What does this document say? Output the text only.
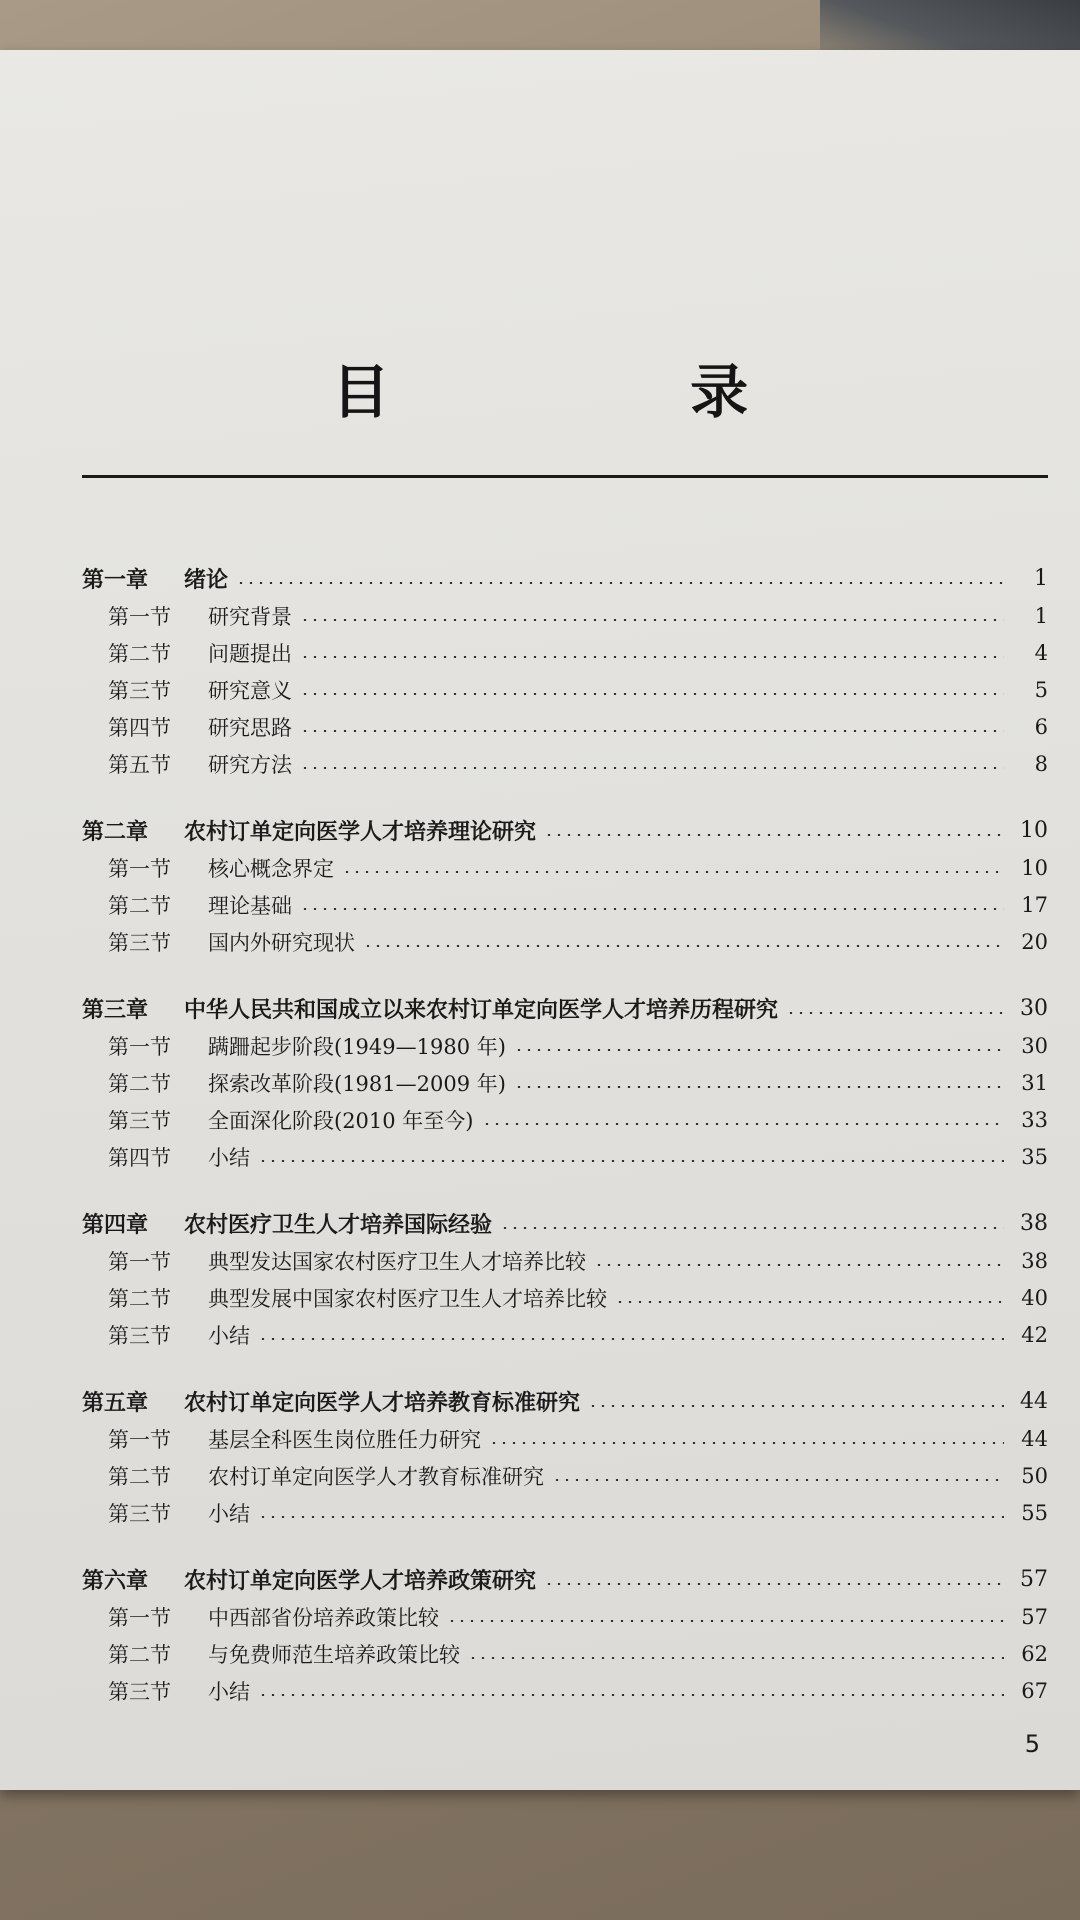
目 录
第一章	绪论	1
第一节	研究背景	1
第二节	问题提出	4
第三节	研究意义	5
第四节	研究思路	6
第五节	研究方法	8
第二章	农村订单定向医学人才培养理论研究	10
第一节	核心概念界定	10
第二节	理论基础	17
第三节	国内外研究现状	20
第三章	中华人民共和国成立以来农村订单定向医学人才培养历程研究	30
第一节	蹒跚起步阶段(1949—1980 年)	30
第二节	探索改革阶段(1981—2009 年)	31
第三节	全面深化阶段(2010 年至今)	33
第四节	小结	35
第四章	农村医疗卫生人才培养国际经验	38
第一节	典型发达国家农村医疗卫生人才培养比较	38
第二节	典型发展中国家农村医疗卫生人才培养比较	40
第三节	小结	42
第五章	农村订单定向医学人才培养教育标准研究	44
第一节	基层全科医生岗位胜任力研究	44
第二节	农村订单定向医学人才教育标准研究	50
第三节	小结	55
第六章	农村订单定向医学人才培养政策研究	57
第一节	中西部省份培养政策比较	57
第二节	与免费师范生培养政策比较	62
第三节	小结	67
5
